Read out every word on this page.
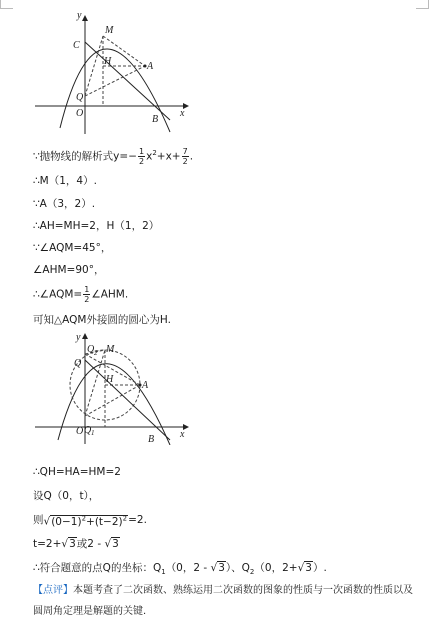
y
M
C
H	A
Q
O
B
x
∵抛物线的解析式$y=- \frac{1}{2} x^2+x+ \frac{7}{2}$ .
∴M（1，4）.
∵A（3，2）.
∴AH=MH=2，H（1，2）
∵∠AQM=45°，
∠AHM=90°，
∴∠AQM= $\frac{1}{2}$ ∠AHM.
可知△AQM外接圆的圆心为H.
y
Q 2 M
Q
H
A
O Q 1
B	x
∴QH=HA=HM=2
设Q（0，t），
则$√(0-1)^2+(t-2)^2=2$.
t=2+√3或2 - √3
∴符合题意的点Q的坐标：$Q_1(0$，2 - √3）、$Q_2(0$，2+√3）.
【点评】本题考查了二次函数、熟练运用二次函数的图象的性质与一次函数的性质以及
圆周角定理是解题的关键.
